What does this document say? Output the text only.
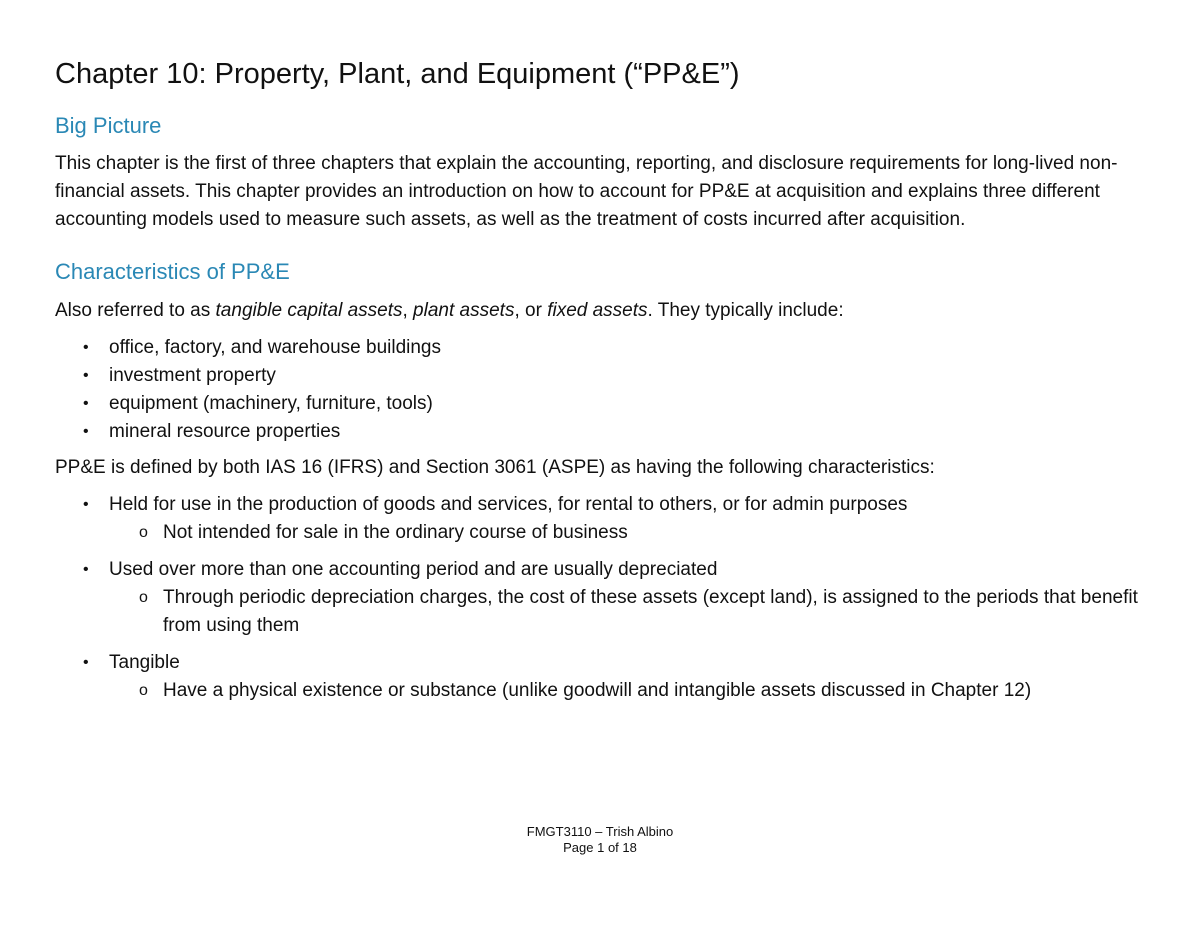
Chapter 10: Property, Plant, and Equipment (“PP&E”)
Big Picture

This chapter is the first of three chapters that explain the accounting, reporting, and disclosure requirements for long-lived non-financial assets. This chapter provides an introduction on how to account for PP&E at acquisition and explains three different accounting models used to measure such assets, as well as the treatment of costs incurred after acquisition.

Characteristics of PP&E

Also referred to as tangible capital assets, plant assets, or fixed assets. They typically include:

• office, factory, and warehouse buildings
• investment property
• equipment (machinery, furniture, tools)
• mineral resource properties

PP&E is defined by both IAS 16 (IFRS) and Section 3061 (ASPE) as having the following characteristics:

• Held for use in the production of goods and services, for rental to others, or for admin purposes
o Not intended for sale in the ordinary course of business
• Used over more than one accounting period and are usually depreciated
o Through periodic depreciation charges, the cost of these assets (except land), is assigned to the periods that benefit from using them
• Tangible
o Have a physical existence or substance (unlike goodwill and intangible assets discussed in Chapter 12)
FMGT3110 – Trish Albino
Page 1 of 18
